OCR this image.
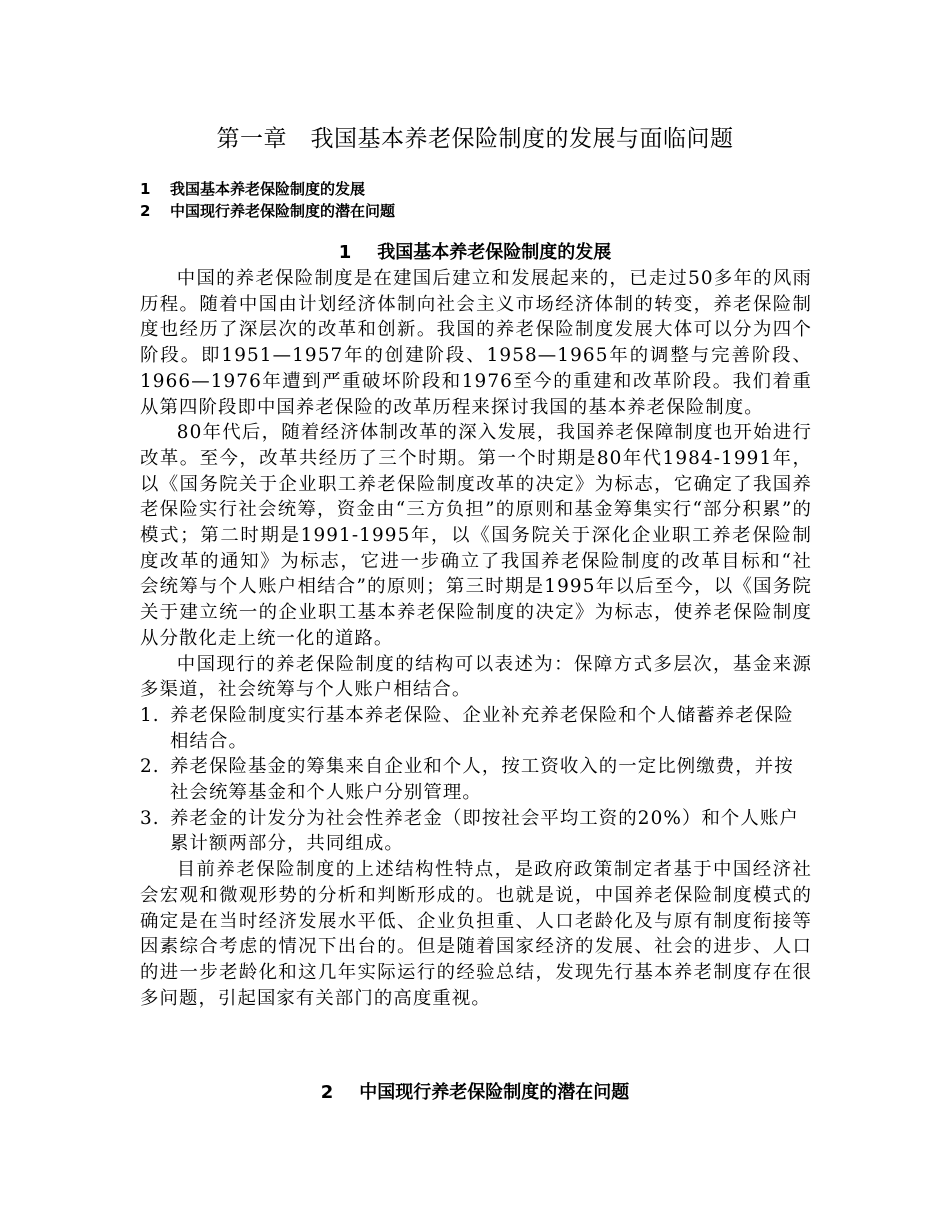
第一章　我国基本养老保险制度的发展与面临问题
1 我国基本养老保险制度的发展
2 中国现行养老保险制度的潜在问题
1 我国基本养老保险制度的发展

中国的养老保险制度是在建国后建立和发展起来的，已走过50多年的风雨历程。随着中国由计划经济体制向社会主义市场经济体制的转变，养老保险制度也经历了深层次的改革和创新。我国的养老保险制度发展大体可以分为四个阶段。即1951—1957年的创建阶段、1958—1965年的调整与完善阶段、1966—1976年遭到严重破坏阶段和1976至今的重建和改革阶段。我们着重从第四阶段即中国养老保险的改革历程来探讨我国的基本养老保险制度。

80年代后，随着经济体制改革的深入发展，我国养老保障制度也开始进行改革。至今，改革共经历了三个时期。第一个时期是80年代1984-1991年，以《国务院关于企业职工养老保险制度改革的决定》为标志，它确定了我国养老保险实行社会统筹，资金由“三方负担”的原则和基金筹集实行“部分积累”的模式；第二时期是1991-1995年，以《国务院关于深化企业职工养老保险制度改革的通知》为标志，它进一步确立了我国养老保险制度的改革目标和“社会统筹与个人账户相结合”的原则；第三时期是1995年以后至今，以《国务院关于建立统一的企业职工基本养老保险制度的决定》为标志，使养老保险制度从分散化走上统一化的道路。

中国现行的养老保险制度的结构可以表述为：保障方式多层次，基金来源多渠道，社会统筹与个人账户相结合。

1. 养老保险制度实行基本养老保险、企业补充养老保险和个人储蓄养老保险相结合。
2. 养老保险基金的筹集来自企业和个人，按工资收入的一定比例缴费，并按社会统筹基金和个人账户分别管理。
3. 养老金的计发分为社会性养老金（即按社会平均工资的20%）和个人账户累计额两部分，共同组成。

目前养老保险制度的上述结构性特点，是政府政策制定者基于中国经济社会宏观和微观形势的分析和判断形成的。也就是说，中国养老保险制度模式的确定是在当时经济发展水平低、企业负担重、人口老龄化及与原有制度衔接等因素综合考虑的情况下出台的。但是随着国家经济的发展、社会的进步、人口的进一步老龄化和这几年实际运行的经验总结，发现先行基本养老制度存在很多问题，引起国家有关部门的高度重视。

2 中国现行养老保险制度的潜在问题
